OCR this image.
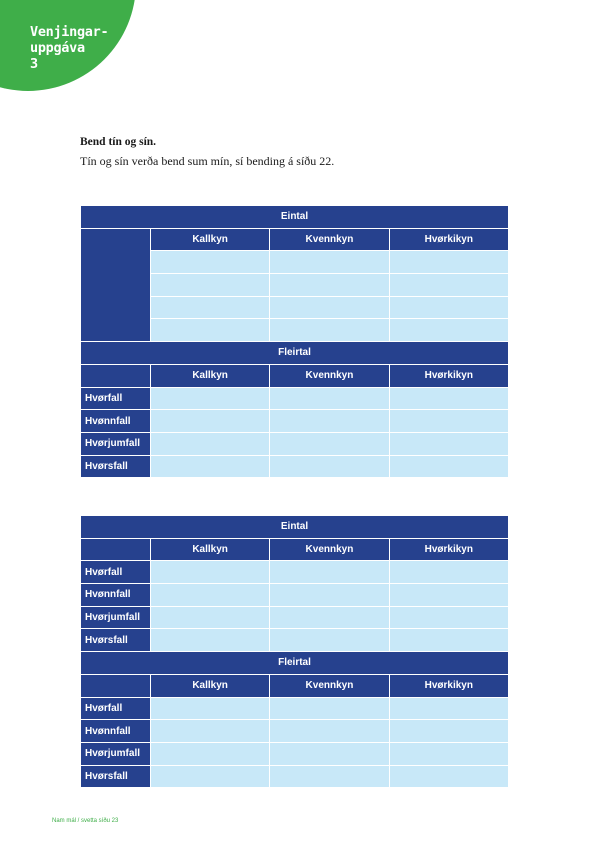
Venjingar-
uppgáva
3
Bend tín og sín.
Tín og sín verða bend sum mín, sí bending á síðu 22.
Eintal			
	Kallkyn	Kvennkyn	Hvørkikyn

Fleirtal			
	Kallkyn	Kvennkyn	Hvørkikyn
Hvørfall			
Hvønnfall			
Hvørjumfall			
Hvørsfall			
Eintal			
	Kallkyn	Kvennkyn	Hvørkikyn
Hvørfall			
Hvønnfall			
Hvørjumfall			
Hvørsfall			
Fleirtal			
	Kallkyn	Kvennkyn	Hvørkikyn
Hvørfall			
Hvønnfall			
Hvørjumfall			
Hvørsfall			
Nam mál / svetta síðu 23
